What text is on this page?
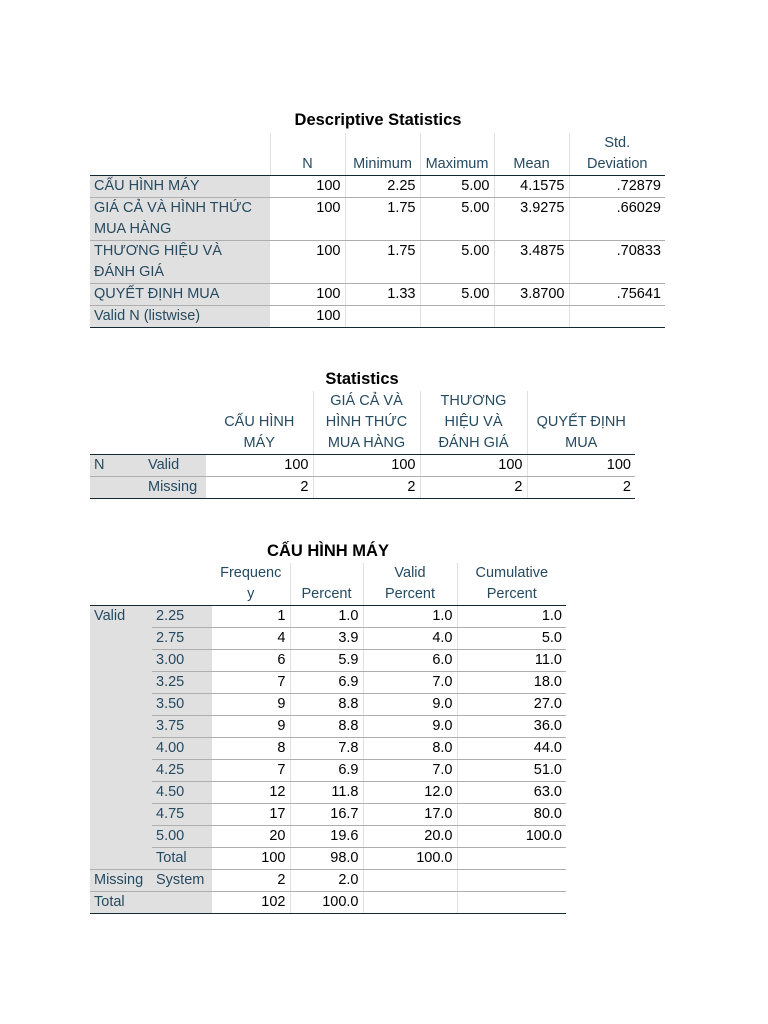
Descriptive Statistics
	N	Minimum	Maximum	Mean	Std. Deviation
CẤU HÌNH MÁY	100	2.25	5.00	4.1575	.72879
GIÁ CẢ VÀ HÌNH THỨC MUA HÀNG	100	1.75	5.00	3.9275	.66029
THƯƠNG HIỆU VÀ ĐÁNH GIÁ	100	1.75	5.00	3.4875	.70833
QUYẾT ĐỊNH MUA	100	1.33	5.00	3.8700	.75641
Valid N (listwise)	100				
Statistics
		CẤU HÌNH MÁY	GIÁ CẢ VÀ HÌNH THỨC MUA HÀNG	THƯƠNG HIỆU VÀ ĐÁNH GIÁ	QUYẾT ĐỊNH MUA
N	Valid	100	100	100	100
	Missing	2	2	2	2
CẤU HÌNH MÁY
		Frequenc y	Percent	Valid Percent	Cumulative Percent
Valid	2.25	1	1.0	1.0	1.0
	2.75	4	3.9	4.0	5.0
	3.00	6	5.9	6.0	11.0
	3.25	7	6.9	7.0	18.0
	3.50	9	8.8	9.0	27.0
	3.75	9	8.8	9.0	36.0
	4.00	8	7.8	8.0	44.0
	4.25	7	6.9	7.0	51.0
	4.50	12	11.8	12.0	63.0
	4.75	17	16.7	17.0	80.0
	5.00	20	19.6	20.0	100.0
	Total	100	98.0	100.0	
Missing	System	2	2.0		
Total		102	100.0		
